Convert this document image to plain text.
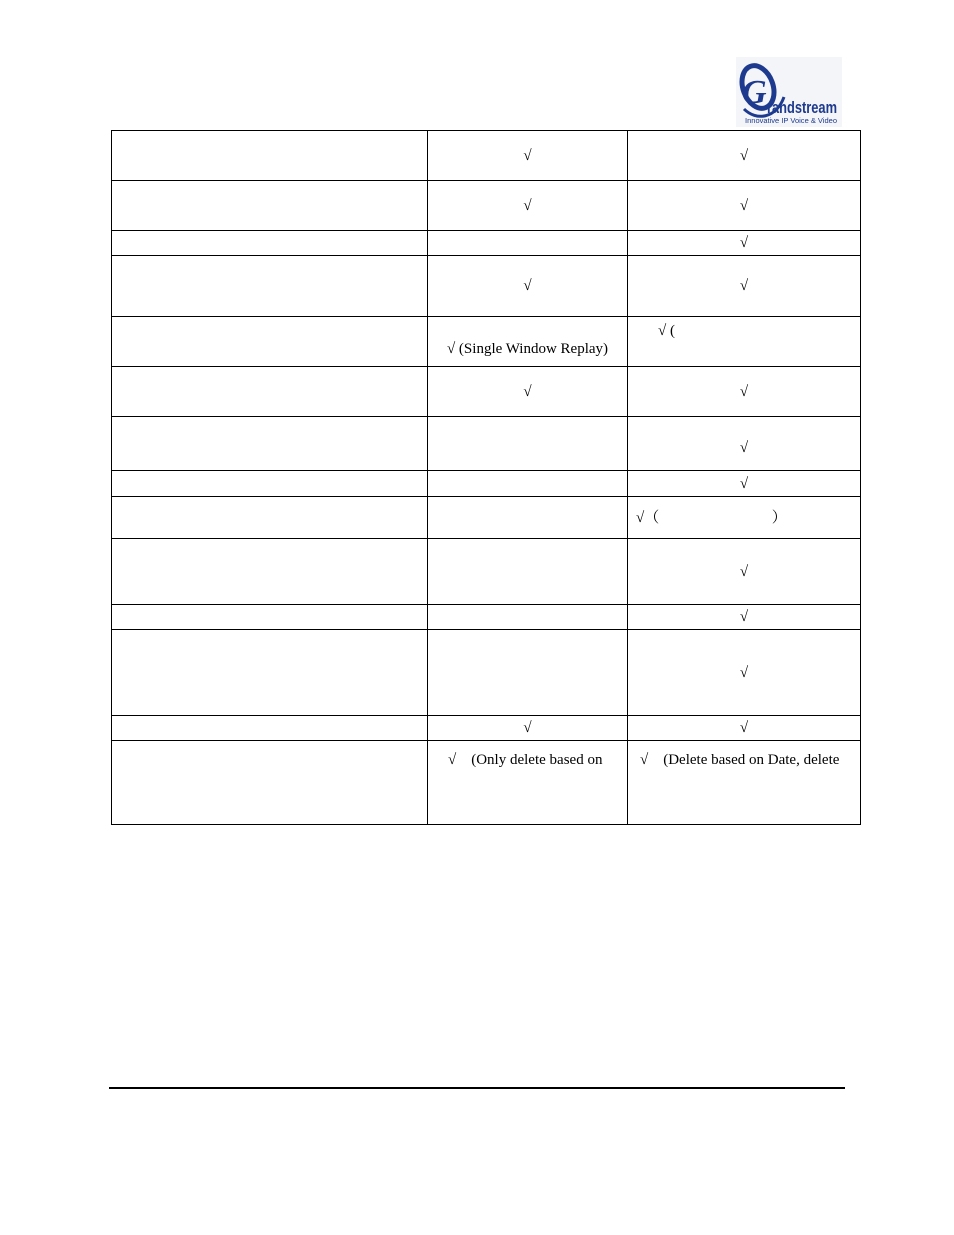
G randstream
Innovative IP Voice & Video
	√	√
	√	√
		√
	√	√
	√ (Single Window Replay)	√ (
	√	√
		√
		√
		√（                              ）
		√
		√
		√
	√	√
	√    (Only delete based on	√    (Delete based on Date, delete
